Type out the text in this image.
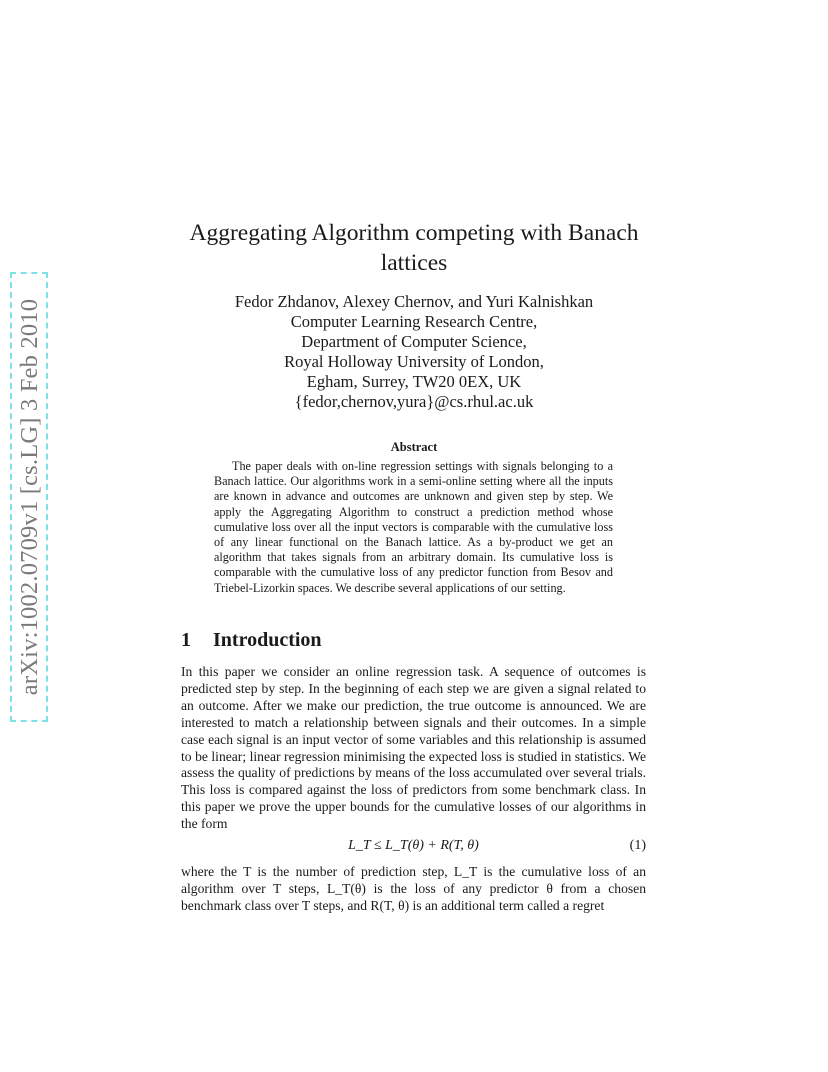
arXiv:1002.0709v1 [cs.LG] 3 Feb 2010
Aggregating Algorithm competing with Banach
lattices
Fedor Zhdanov, Alexey Chernov, and Yuri Kalnishkan
Computer Learning Research Centre,
Department of Computer Science,
Royal Holloway University of London,
Egham, Surrey, TW20 0EX, UK
{fedor,chernov,yura}@cs.rhul.ac.uk
Abstract
The paper deals with on-line regression settings with signals belonging to a Banach lattice. Our algorithms work in a semi-online setting where all the inputs are known in advance and outcomes are unknown and given step by step. We apply the Aggregating Algorithm to construct a prediction method whose cumulative loss over all the input vectors is comparable with the cumulative loss of any linear functional on the Banach lattice. As a by-product we get an algorithm that takes signals from an arbitrary domain. Its cumulative loss is comparable with the cumulative loss of any predictor function from Besov and Triebel-Lizorkin spaces. We describe several applications of our setting.
1 Introduction
In this paper we consider an online regression task. A sequence of outcomes is predicted step by step. In the beginning of each step we are given a signal related to an outcome. After we make our prediction, the true outcome is announced. We are interested to match a relationship between signals and their outcomes. In a simple case each signal is an input vector of some variables and this relationship is assumed to be linear; linear regression minimising the expected loss is studied in statistics. We assess the quality of predictions by means of the loss accumulated over several trials. This loss is compared against the loss of predictors from some benchmark class. In this paper we prove the upper bounds for the cumulative losses of our algorithms in the form
L_T ≤ L_T(θ) + R(T, θ)	(1)
where the T is the number of prediction step, L_T is the cumulative loss of an algorithm over T steps, L_T(θ) is the loss of any predictor θ from a chosen benchmark class over T steps, and R(T, θ) is an additional term called a regret
